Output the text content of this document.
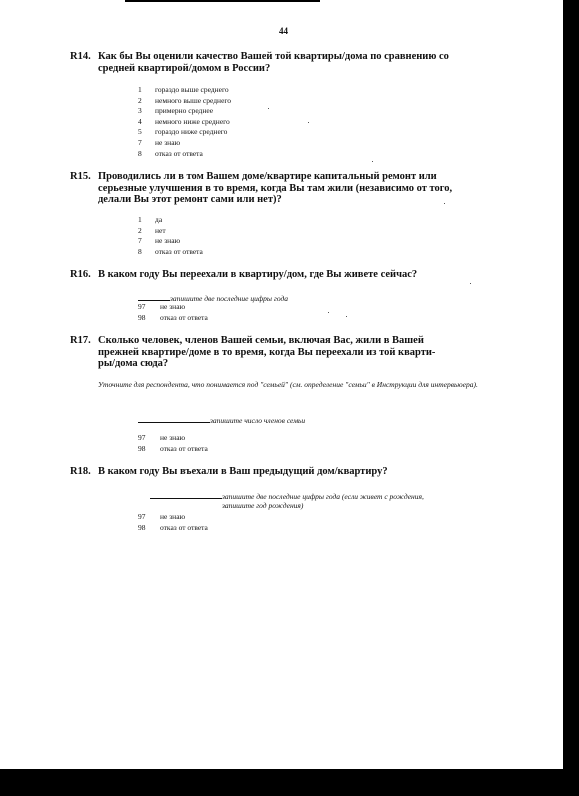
44
R14. Как бы Вы оценили качество Вашей той квартиры/дома по сравнению со
средней квартирой/домом в России?
1	гораздо выше среднего
2	немного выше среднего
3	примерно среднее
4	немного ниже среднего
5	гораздо ниже среднего
7	не знаю
8	отказ от ответа
R15. Проводились ли в том Вашем доме/квартире капитальный ремонт или
серьезные улучшения в то время, когда Вы там жили (независимо от того,
делали Вы этот ремонт сами или нет)?
1	да
2	нет
7	не знаю
8	отказ от ответа
R16. В каком году Вы переехали в квартиру/дом, где Вы живете сейчас?
запишите две последние цифры года
97	не знаю
98	отказ от ответа
R17. Сколько человек, членов Вашей семьи, включая Вас, жили в Вашей
прежней квартире/доме в то время, когда Вы переехали из той кварти-
ры/дома сюда?
Уточните для респондента, что понимается под "семьей" (см. определение "семьи" в Инструкции для интервьюера).
запишите число членов семьи
97	не знаю
98	отказ от ответа
R18. В каком году Вы въехали в Ваш предыдущий дом/квартиру?
запишите две последние цифры года (если живет с рождения,
запишите год рождения)
97	не знаю
98	отказ от ответа
